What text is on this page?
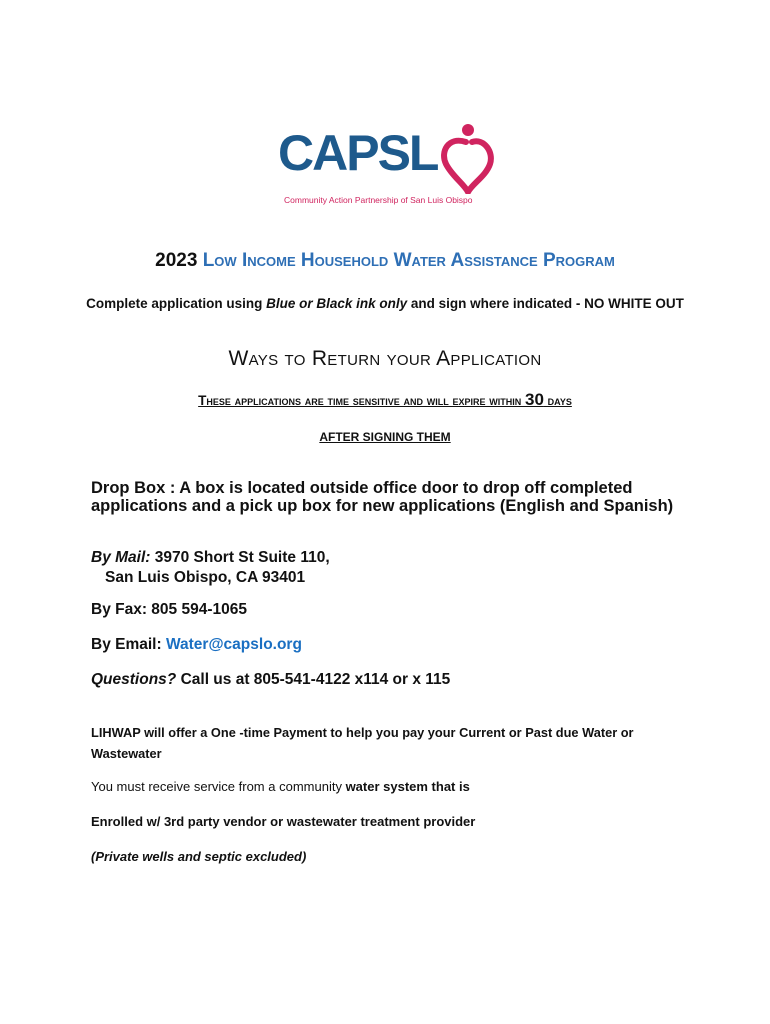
CAPSL
Community Action Partnership of San Luis Obispo
2023 Low Income Household Water Assistance Program
Complete application using Blue or Black ink only and sign where indicated - NO WHITE OUT
Ways to Return your Application
These applications are time sensitive and will expire within 30 days
AFTER SIGNING THEM
Drop Box : A box is located outside office door to drop off completed applications and a pick up box for new applications (English and Spanish)
By Mail: 3970 Short St Suite 110,
San Luis Obispo, CA 93401
By Fax: 805 594-1065
By Email: Water@capslo.org
Questions? Call us at 805-541-4122 x114 or x 115
LIHWAP will offer a One -time Payment to help you pay your Current or Past due Water or Wastewater
You must receive service from a community water system that is
Enrolled w/ 3rd party vendor or wastewater treatment provider
(Private wells and septic excluded)
